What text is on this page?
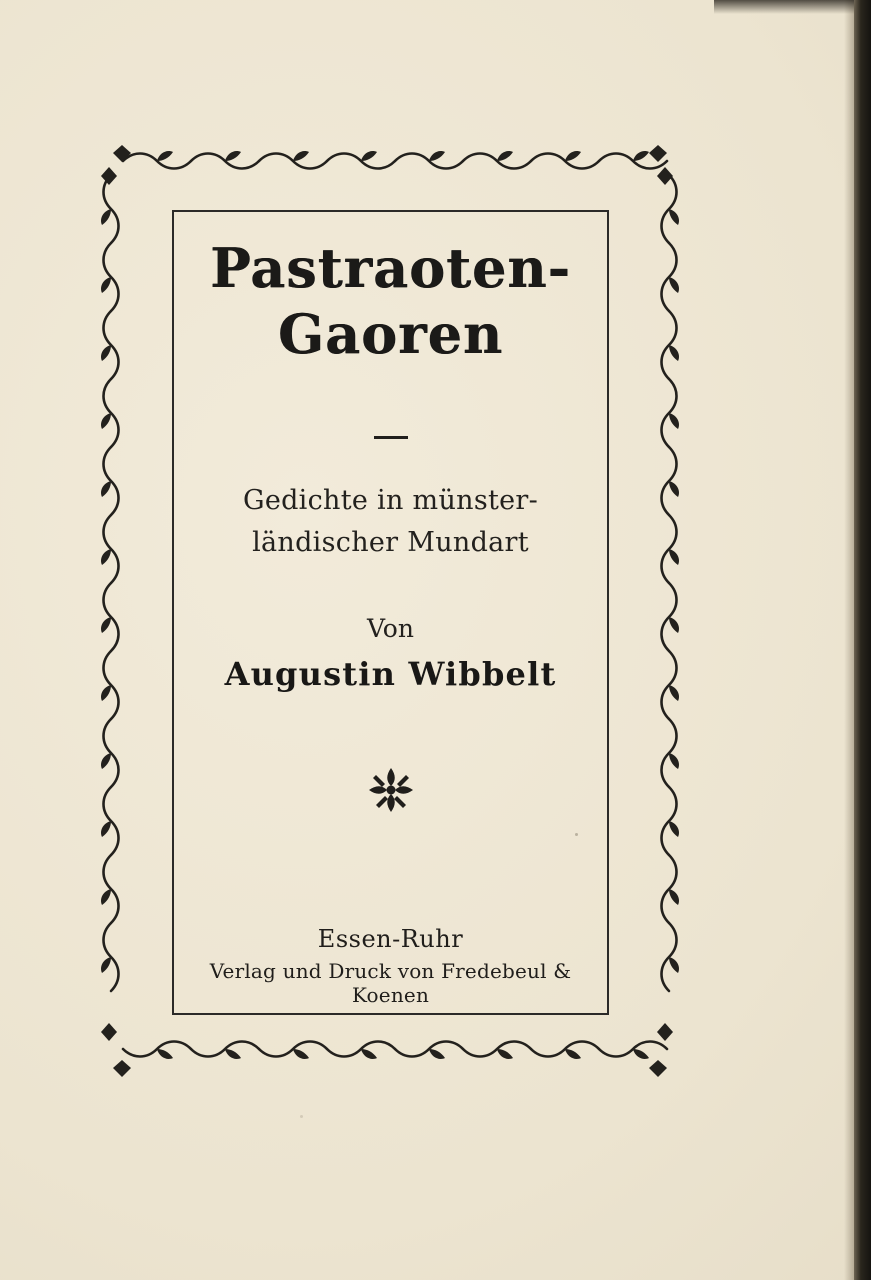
Pastraoten‑
Gaoren
Gedichte in münster‑
ländischer Mundart
Von
Augustin Wibbelt
Essen‑Ruhr
Verlag und Druck von Fredebeul & Koenen
